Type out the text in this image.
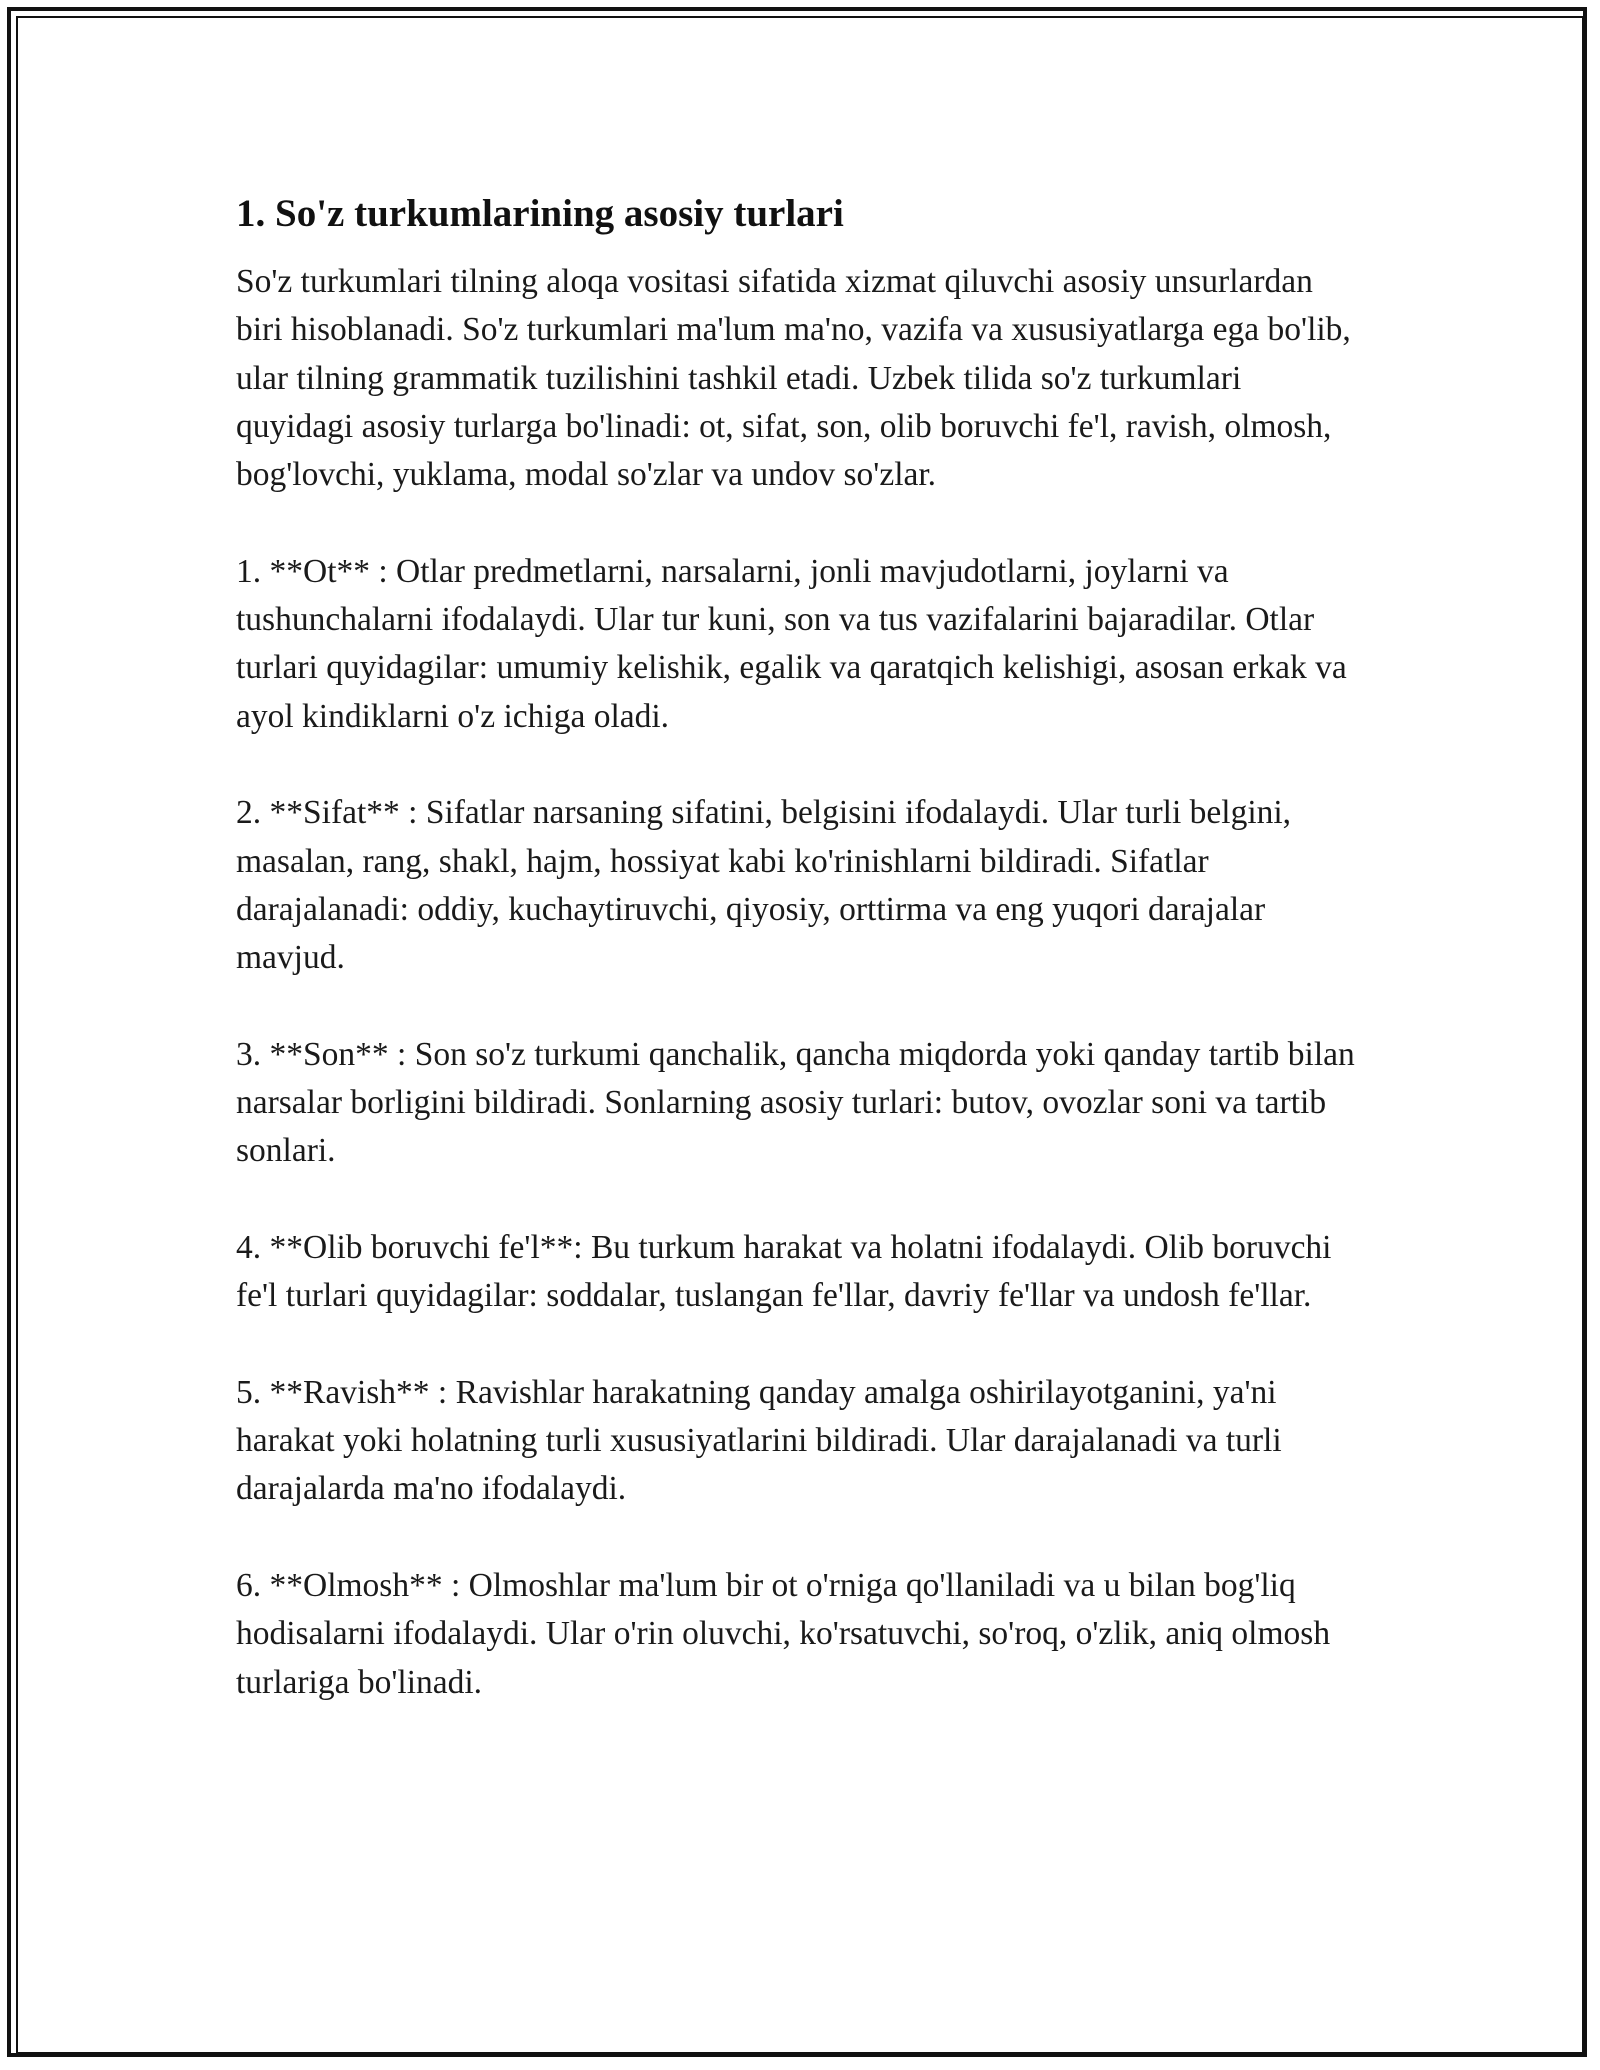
1. So'z turkumlarining asosiy turlari

So'z turkumlari tilning aloqa vositasi sifatida xizmat qiluvchi asosiy unsurlardan biri hisoblanadi. So'z turkumlari ma'lum ma'no, vazifa va xususiyatlarga ega bo'lib, ular tilning grammatik tuzilishini tashkil etadi. Uzbek tilida so'z turkumlari quyidagi asosiy turlarga bo'linadi: ot, sifat, son, olib boruvchi fe'l, ravish, olmosh, bog'lovchi, yuklama, modal so'zlar va undov so'zlar.

1. **Ot** : Otlar predmetlarni, narsalarni, jonli mavjudotlarni, joylarni va tushunchalarni ifodalaydi. Ular tur kuni, son va tus vazifalarini bajaradilar. Otlar turlari quyidagilar: umumiy kelishik, egalik va qaratqich kelishigi, asosan erkak va ayol kindiklarni o'z ichiga oladi.

2. **Sifat** : Sifatlar narsaning sifatini, belgisini ifodalaydi. Ular turli belgini, masalan, rang, shakl, hajm, hossiyat kabi ko'rinishlarni bildiradi. Sifatlar darajalanadi: oddiy, kuchaytiruvchi, qiyosiy, orttirma va eng yuqori darajalar mavjud.

3. **Son** : Son so'z turkumi qanchalik, qancha miqdorda yoki qanday tartib bilan narsalar borligini bildiradi. Sonlarning asosiy turlari: butov, ovozlar soni va tartib sonlari.

4. **Olib boruvchi fe'l**: Bu turkum harakat va holatni ifodalaydi. Olib boruvchi fe'l turlari quyidagilar: soddalar, tuslangan fe'llar, davriy fe'llar va undosh fe'llar.

5. **Ravish** : Ravishlar harakatning qanday amalga oshirilayotganini, ya'ni harakat yoki holatning turli xususiyatlarini bildiradi. Ular darajalanadi va turli darajalarda ma'no ifodalaydi.

6. **Olmosh** : Olmoshlar ma'lum bir ot o'rniga qo'llaniladi va u bilan bog'liq hodisalarni ifodalaydi. Ular o'rin oluvchi, ko'rsatuvchi, so'roq, o'zlik, aniq olmosh turlariga bo'linadi.
